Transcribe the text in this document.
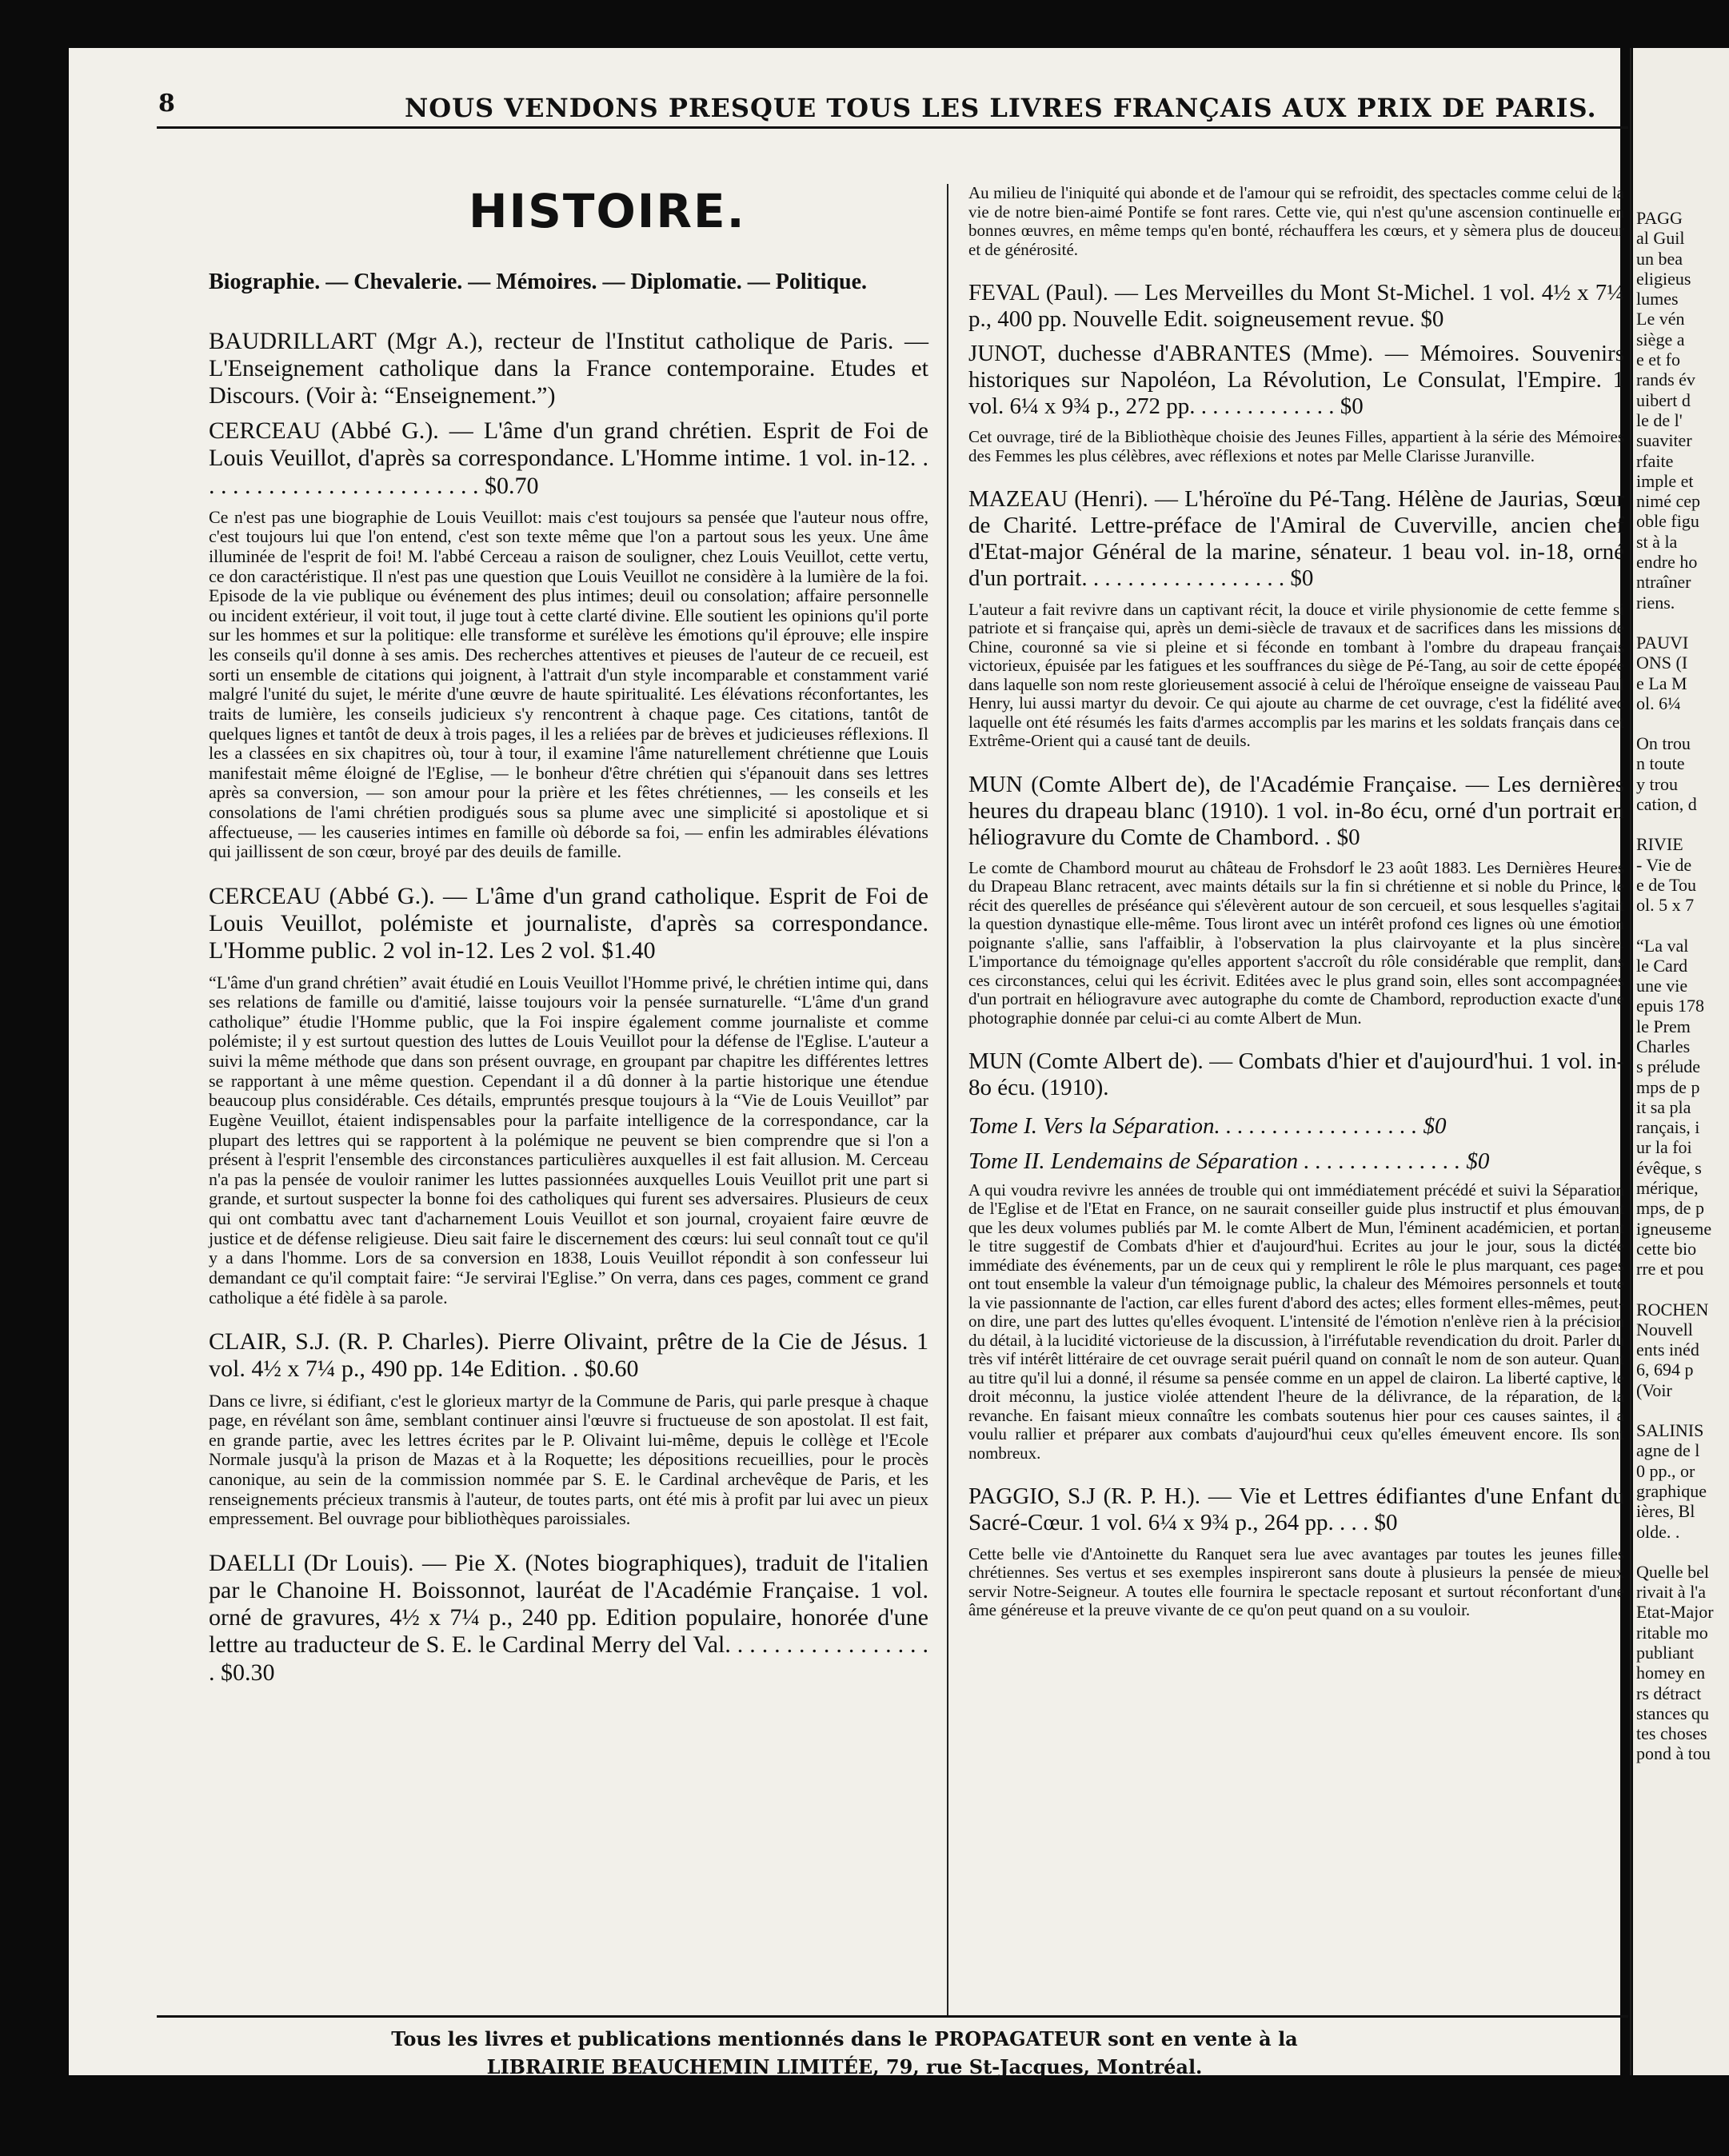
8	NOUS VENDONS PRESQUE TOUS LES LIVRES FRANÇAIS AUX PRIX DE PARIS.
HISTOIRE.
Biographie. — Chevalerie. — Mémoires. — Diplomatie. — Politique.
BAUDRILLART (Mgr A.), recteur de l'Institut catholique de Paris. — L'Enseignement catholique dans la France contemporaine. Etudes et Discours. (Voir à: “Enseignement.”)
CERCEAU (Abbé G.). — L'âme d'un grand chrétien. Esprit de Foi de Louis Veuillot, d'après sa correspondance. L'Homme intime. 1 vol. in-12. . . . . . . . . . . . . . . . . . . . . . . . . $0.70
Ce n'est pas une biographie de Louis Veuillot: mais c'est toujours sa pensée que l'auteur nous offre, c'est toujours lui que l'on entend, c'est son texte même que l'on a partout sous les yeux. Une âme illuminée de l'esprit de foi! M. l'abbé Cerceau a raison de souligner, chez Louis Veuillot, cette vertu, ce don caractéristique. Il n'est pas une question que Louis Veuillot ne considère à la lumière de la foi. Episode de la vie publique ou événement des plus intimes; deuil ou consolation; affaire personnelle ou incident extérieur, il voit tout, il juge tout à cette clarté divine. Elle soutient les opinions qu'il porte sur les hommes et sur la politique: elle transforme et surélève les émotions qu'il éprouve; elle inspire les conseils qu'il donne à ses amis. Des recherches attentives et pieuses de l'auteur de ce recueil, est sorti un ensemble de citations qui joignent, à l'attrait d'un style incomparable et constamment varié malgré l'unité du sujet, le mérite d'une œuvre de haute spiritualité. Les élévations réconfortantes, les traits de lumière, les conseils judicieux s'y rencontrent à chaque page. Ces citations, tantôt de quelques lignes et tantôt de deux à trois pages, il les a reliées par de brèves et judicieuses réflexions. Il les a classées en six chapitres où, tour à tour, il examine l'âme naturellement chrétienne que Louis manifestait même éloigné de l'Eglise, — le bonheur d'être chrétien qui s'épanouit dans ses lettres après sa conversion, — son amour pour la prière et les fêtes chrétiennes, — les conseils et les consolations de l'ami chrétien prodigués sous sa plume avec une simplicité si apostolique et si affectueuse, — les causeries intimes en famille où déborde sa foi, — enfin les admirables élévations qui jaillissent de son cœur, broyé par des deuils de famille.
CERCEAU (Abbé G.). — L'âme d'un grand catholique. Esprit de Foi de Louis Veuillot, polémiste et journaliste, d'après sa correspondance. L'Homme public. 2 vol in-12. Les 2 vol. $1.40
“L'âme d'un grand chrétien” avait étudié en Louis Veuillot l'Homme privé, le chrétien intime qui, dans ses relations de famille ou d'amitié, laisse toujours voir la pensée surnaturelle. “L'âme d'un grand catholique” étudie l'Homme public, que la Foi inspire également comme journaliste et comme polémiste; il y est surtout question des luttes de Louis Veuillot pour la défense de l'Eglise. L'auteur a suivi la même méthode que dans son présent ouvrage, en groupant par chapitre les différentes lettres se rapportant à une même question. Cependant il a dû donner à la partie historique une étendue beaucoup plus considérable. Ces détails, empruntés presque toujours à la “Vie de Louis Veuillot” par Eugène Veuillot, étaient indispensables pour la parfaite intelligence de la correspondance, car la plupart des lettres qui se rapportent à la polémique ne peuvent se bien comprendre que si l'on a présent à l'esprit l'ensemble des circonstances particulières auxquelles il est fait allusion. M. Cerceau n'a pas la pensée de vouloir ranimer les luttes passionnées auxquelles Louis Veuillot prit une part si grande, et surtout suspecter la bonne foi des catholiques qui furent ses adversaires. Plusieurs de ceux qui ont combattu avec tant d'acharnement Louis Veuillot et son journal, croyaient faire œuvre de justice et de défense religieuse. Dieu sait faire le discernement des cœurs: lui seul connaît tout ce qu'il y a dans l'homme. Lors de sa conversion en 1838, Louis Veuillot répondit à son confesseur lui demandant ce qu'il comptait faire: “Je servirai l'Eglise.” On verra, dans ces pages, comment ce grand catholique a été fidèle à sa parole.
CLAIR, S.J. (R. P. Charles). Pierre Olivaint, prêtre de la Cie de Jésus. 1 vol. 4½ x 7¼ p., 490 pp. 14e Edition. . $0.60
Dans ce livre, si édifiant, c'est le glorieux martyr de la Commune de Paris, qui parle presque à chaque page, en révélant son âme, semblant continuer ainsi l'œuvre si fructueuse de son apostolat. Il est fait, en grande partie, avec les lettres écrites par le P. Olivaint lui-même, depuis le collège et l'Ecole Normale jusqu'à la prison de Mazas et à la Roquette; les dépositions recueillies, pour le procès canonique, au sein de la commission nommée par S. E. le Cardinal archevêque de Paris, et les renseignements précieux transmis à l'auteur, de toutes parts, ont été mis à profit par lui avec un pieux empressement. Bel ouvrage pour bibliothèques paroissiales.
DAELLI (Dr Louis). — Pie X. (Notes biographiques), traduit de l'italien par le Chanoine H. Boissonnot, lauréat de l'Académie Française. 1 vol. orné de gravures, 4½ x 7¼ p., 240 pp. Edition populaire, honorée d'une lettre au traducteur de S. E. le Cardinal Merry del Val. . . . . . . . . . . . . . . . . . $0.30
Au milieu de l'iniquité qui abonde et de l'amour qui se refroidit, des spectacles comme celui de la vie de notre bien-aimé Pontife se font rares. Cette vie, qui n'est qu'une ascension continuelle en bonnes œuvres, en même temps qu'en bonté, réchauffera les cœurs, et y sèmera plus de douceur et de générosité.
FEVAL (Paul). — Les Merveilles du Mont St-Michel. 1 vol. 4½ x 7¼ p., 400 pp. Nouvelle Edit. soigneusement revue. $0
JUNOT, duchesse d'ABRANTES (Mme). — Mémoires. Souvenirs historiques sur Napoléon, La Révolution, Le Consulat, l'Empire. 1 vol. 6¼ x 9¾ p., 272 pp. . . . . . . . . . . . . $0
Cet ouvrage, tiré de la Bibliothèque choisie des Jeunes Filles, appartient à la série des Mémoires des Femmes les plus célèbres, avec réflexions et notes par Melle Clarisse Juranville.
MAZEAU (Henri). — L'héroïne du Pé-Tang. Hélène de Jaurias, Sœur de Charité. Lettre-préface de l'Amiral de Cuverville, ancien chef d'Etat-major Général de la marine, sénateur. 1 beau vol. in-18, orné d'un portrait. . . . . . . . . . . . . . . . . . $0
L'auteur a fait revivre dans un captivant récit, la douce et virile physionomie de cette femme si patriote et si française qui, après un demi-siècle de travaux et de sacrifices dans les missions de Chine, couronné sa vie si pleine et si féconde en tombant à l'ombre du drapeau français victorieux, épuisée par les fatigues et les souffrances du siège de Pé-Tang, au soir de cette épopée dans laquelle son nom reste glorieusement associé à celui de l'héroïque enseigne de vaisseau Paul Henry, lui aussi martyr du devoir. Ce qui ajoute au charme de cet ouvrage, c'est la fidélité avec laquelle ont été résumés les faits d'armes accomplis par les marins et les soldats français dans cet Extrême-Orient qui a causé tant de deuils.
MUN (Comte Albert de), de l'Académie Française. — Les dernières heures du drapeau blanc (1910). 1 vol. in-8o écu, orné d'un portrait en héliogravure du Comte de Chambord. . $0
Le comte de Chambord mourut au château de Frohsdorf le 23 août 1883. Les Dernières Heures du Drapeau Blanc retracent, avec maints détails sur la fin si chrétienne et si noble du Prince, le récit des querelles de préséance qui s'élevèrent autour de son cercueil, et sous lesquelles s'agitait la question dynastique elle-même. Tous liront avec un intérêt profond ces lignes où une émotion poignante s'allie, sans l'affaiblir, à l'observation la plus clairvoyante et la plus sincère. L'importance du témoignage qu'elles apportent s'accroît du rôle considérable que remplit, dans ces circonstances, celui qui les écrivit. Editées avec le plus grand soin, elles sont accompagnées d'un portrait en héliogravure avec autographe du comte de Chambord, reproduction exacte d'une photographie donnée par celui-ci au comte Albert de Mun.
MUN (Comte Albert de). — Combats d'hier et d'aujourd'hui. 1 vol. in-8o écu. (1910).
Tome I. Vers la Séparation. . . . . . . . . . . . . . . . . . $0
Tome II. Lendemains de Séparation . . . . . . . . . . . . . . $0
A qui voudra revivre les années de trouble qui ont immédiatement précédé et suivi la Séparation de l'Eglise et de l'Etat en France, on ne saurait conseiller guide plus instructif et plus émouvant que les deux volumes publiés par M. le comte Albert de Mun, l'éminent académicien, et portant le titre suggestif de Combats d'hier et d'aujourd'hui. Ecrites au jour le jour, sous la dictée immédiate des événements, par un de ceux qui y remplirent le rôle le plus marquant, ces pages ont tout ensemble la valeur d'un témoignage public, la chaleur des Mémoires personnels et toute la vie passionnante de l'action, car elles furent d'abord des actes; elles forment elles-mêmes, peut-on dire, une part des luttes qu'elles évoquent. L'intensité de l'émotion n'enlève rien à la précision du détail, à la lucidité victorieuse de la discussion, à l'irréfutable revendication du droit. Parler du très vif intérêt littéraire de cet ouvrage serait puéril quand on connaît le nom de son auteur. Quant au titre qu'il lui a donné, il résume sa pensée comme en un appel de clairon. La liberté captive, le droit méconnu, la justice violée attendent l'heure de la délivrance, de la réparation, de la revanche. En faisant mieux connaître les combats soutenus hier pour ces causes saintes, il a voulu rallier et préparer aux combats d'aujourd'hui ceux qu'elles émeuvent encore. Ils sont nombreux.
PAGGIO, S.J (R. P. H.). — Vie et Lettres édifiantes d'une Enfant du Sacré-Cœur. 1 vol. 6¼ x 9¾ p., 264 pp. . . . $0
Cette belle vie d'Antoinette du Ranquet sera lue avec avantages par toutes les jeunes filles chrétiennes. Ses vertus et ses exemples inspireront sans doute à plusieurs la pensée de mieux servir Notre-Seigneur. A toutes elle fournira le spectacle reposant et surtout réconfortant d'une âme généreuse et la preuve vivante de ce qu'on peut quand on a su vouloir.
Tous les livres et publications mentionnés dans le PROPAGATEUR sont en vente à la
LIBRAIRIE BEAUCHEMIN LIMITÉE, 79, rue St-Jacques, Montréal.
PAGG
al Guil
un bea
eligieus
lumes
Le vén
siège a
e et fo
rands év
uibert d
le de l'
suaviter
rfaite
imple et
nimé cep
oble figu
st à la
endre ho
ntraîner
riens.
PAUVI
ONS (I
e La M
ol. 6¼
On trou
n toute
y trou
cation, d
RIVIE
- Vie de
e de Tou
ol. 5 x 7
“La val
le Card
une vie
epuis 178
le Prem
Charles
s prélude
mps de p
it sa pla
rançais, i
ur la foi
évêque, s
mérique,
mps, de p
igneuseme
cette bio
rre et pou
ROCHEN
Nouvell
ents inéd
6, 694 p
(Voir
SALINIS
agne de l
0 pp., or
graphique
ières, Bl
olde. .
Quelle bel
rivait à l'a
Etat-Major
ritable mo
publiant
homey en
rs détract
stances qu
tes choses
pond à tou
